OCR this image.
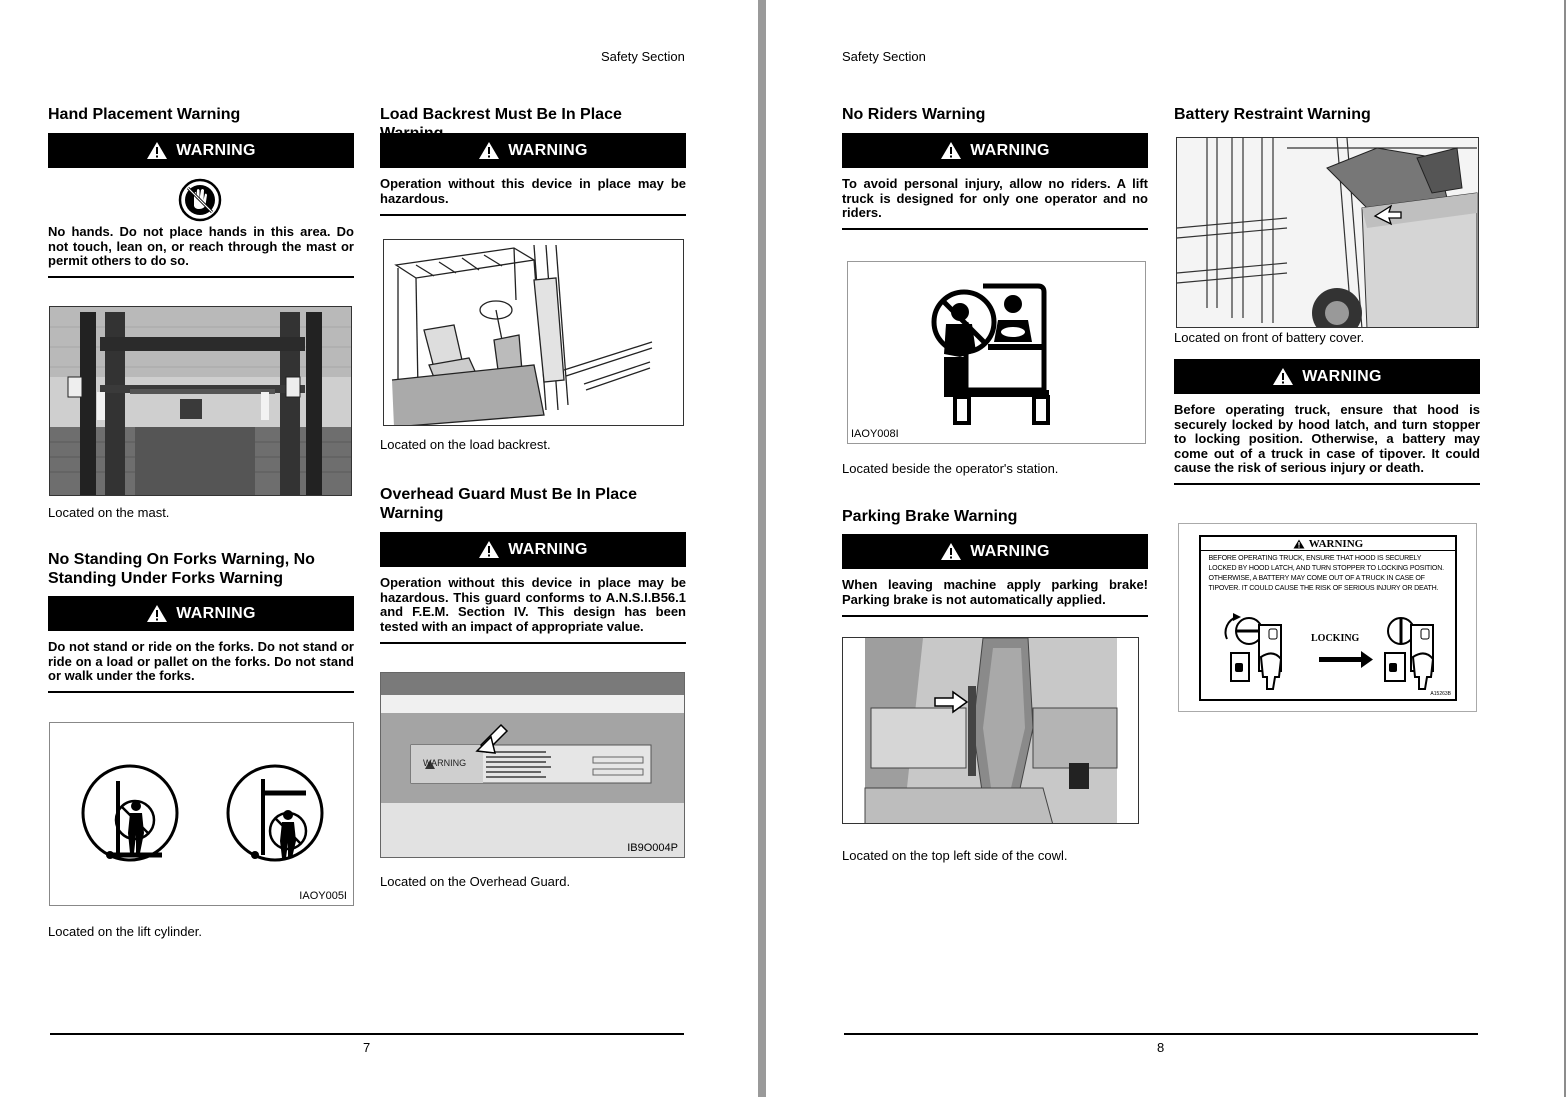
Safety Section
Hand Placement Warning
WARNING
No hands. Do not place hands in this area. Do not touch, lean on, or reach through the mast or permit others to do so.
Located on the mast.
No Standing On Forks Warning, No
Standing Under Forks Warning
WARNING
Do not stand or ride on the forks. Do not stand or ride on a load or pallet on the forks. Do not stand or walk under the forks.
IAOY005I
Located on the lift cylinder.
Load Backrest Must Be In Place
WARNING
Operation without this device in place may be hazardous.
Located on the load backrest.
Overhead Guard Must Be In Place
Warning
WARNING
Operation without this device in place may be hazardous. This guard conforms to A.N.S.I.B56.1 and F.E.M. Section IV. This design has been tested with an impact of appropriate value.
WARNING
IB9O004P
Located on the Overhead Guard.
7
Safety Section
No Riders Warning
WARNING
To avoid personal injury, allow no riders. A lift truck is designed for only one operator and no riders.
IAOY008I
Located beside the operator's station.
Parking Brake Warning
WARNING
When leaving machine apply parking brake! Parking brake is not automatically applied.
Located on the top left side of the cowl.
Battery Restraint Warning
Located on front of battery cover.
WARNING
Before operating truck, ensure that hood is securely locked by hood latch, and turn stopper to locking position. Otherwise, a battery may come out of a truck in case of tipover. It could cause the risk of serious injury or death.
WARNING
BEFORE OPERATING TRUCK, ENSURE THAT HOOD IS SECURELY
LOCKED BY HOOD LATCH, AND TURN STOPPER TO LOCKING POSITION.
OTHERWISE, A BATTERY MAY COME OUT OF A TRUCK IN CASE OF
TIPOVER. IT COULD CAUSE THE RISK OF SERIOUS INJURY OR DEATH.
LOCKING
A15263B
8
